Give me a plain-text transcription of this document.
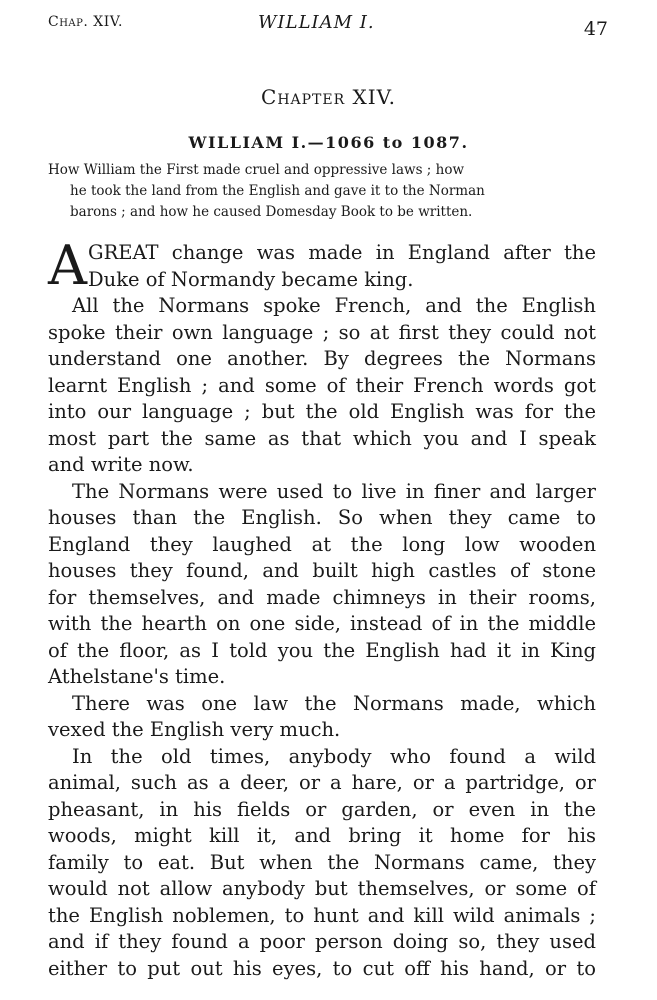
Chap. XIV.	WILLIAM I.	47
Chapter XIV.
WILLIAM I.—1066 to 1087.
How William the First made cruel and oppressive laws ; how
he took the land from the English and gave it to the Norman
barons ; and how he caused Domesday Book to be written.
A GREAT change was made in England after the
Duke of Normandy became king.
All the Normans spoke French, and the English
spoke their own language ; so at first they could not
understand one another. By degrees the Normans
learnt English ; and some of their French words got
into our language ; but the old English was for the
most part the same as that which you and I speak
and write now.
The Normans were used to live in finer and larger
houses than the English. So when they came to
England they laughed at the long low wooden
houses they found, and built high castles of stone
for themselves, and made chimneys in their rooms,
with the hearth on one side, instead of in the middle
of the floor, as I told you the English had it in King
Athelstane's time.
There was one law the Normans made, which
vexed the English very much.
In the old times, anybody who found a wild
animal, such as a deer, or a hare, or a partridge, or
pheasant, in his fields or garden, or even in the
woods, might kill it, and bring it home for his
family to eat. But when the Normans came, they
would not allow anybody but themselves, or some of
the English noblemen, to hunt and kill wild animals ;
and if they found a poor person doing so, they used
either to put out his eyes, to cut off his hand, or to
